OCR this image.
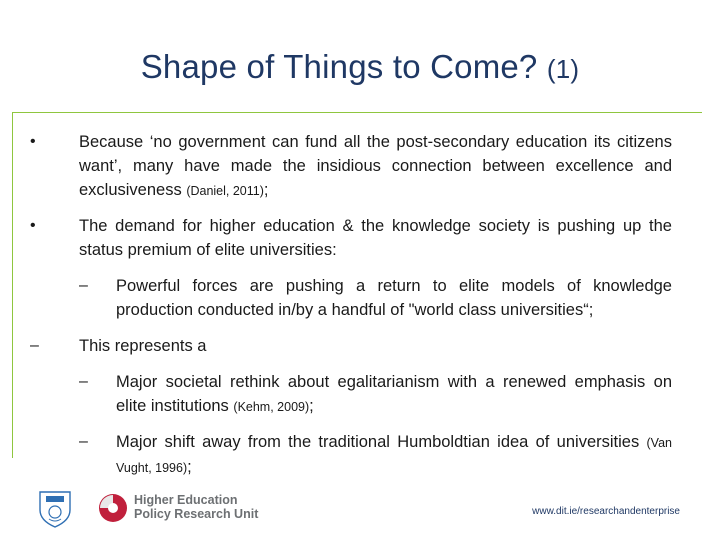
Shape of Things to Come? (1)
•	Because ‘no government can fund all the post-secondary education its citizens want’, many have made the insidious connection between excellence and exclusiveness (Daniel, 2011);
•	The demand for higher education & the knowledge society is pushing up the status premium of elite universities:
– Powerful forces are pushing a return to elite models of knowledge production conducted in/by a handful of "world class universities“;
– This represents a
– Major societal rethink about egalitarianism with a renewed emphasis on elite institutions (Kehm, 2009);
– Major shift away from the traditional Humboldtian idea of universities (Van Vught, 1996);
Higher Education
Policy Research Unit	www.dit.ie/researchandenterprise
